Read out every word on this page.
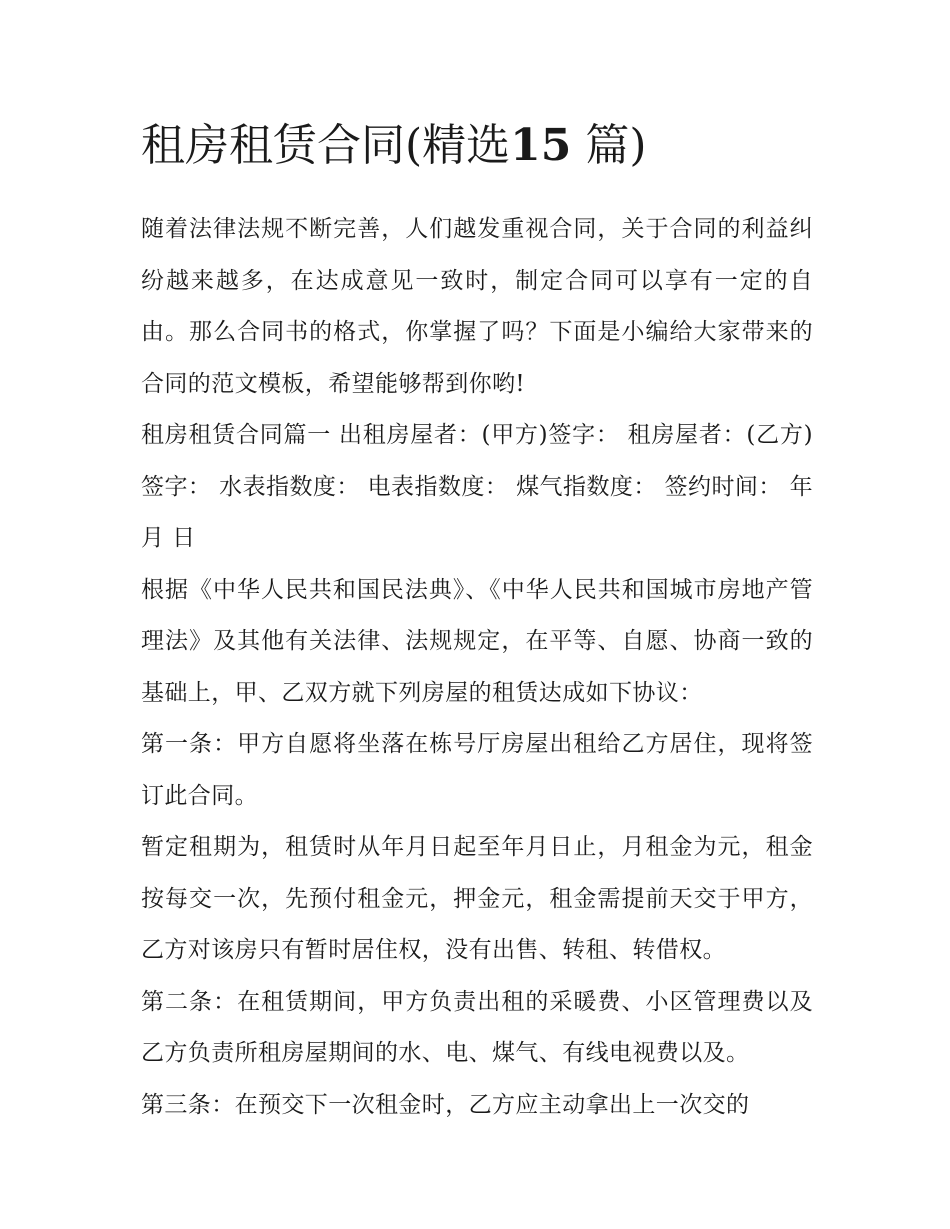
租房租赁合同(精选15 篇)

随着法律法规不断完善，人们越发重视合同，关于合同的利益纠纷越来越多，在达成意见一致时，制定合同可以享有一定的自由。那么合同书的格式，你掌握了吗？下面是小编给大家带来的合同的范文模板，希望能够帮到你哟!

租房租赁合同篇一 出租房屋者：(甲方)签字： 租房屋者：(乙方)签字： 水表指数度： 电表指数度： 煤气指数度： 签约时间： 年 月 日

根据《中华人民共和国民法典》、《中华人民共和国城市房地产管理法》及其他有关法律、法规规定，在平等、自愿、协商一致的基础上，甲、乙双方就下列房屋的租赁达成如下协议：

第一条：甲方自愿将坐落在栋号厅房屋出租给乙方居住，现将签订此合同。

暂定租期为，租赁时从年月日起至年月日止，月租金为元，租金按每交一次，先预付租金元，押金元，租金需提前天交于甲方，乙方对该房只有暂时居住权，没有出售、转租、转借权。

第二条：在租赁期间，甲方负责出租的采暖费、小区管理费以及乙方负责所租房屋期间的水、电、煤气、有线电视费以及。

第三条：在预交下一次租金时，乙方应主动拿出上一次交的
